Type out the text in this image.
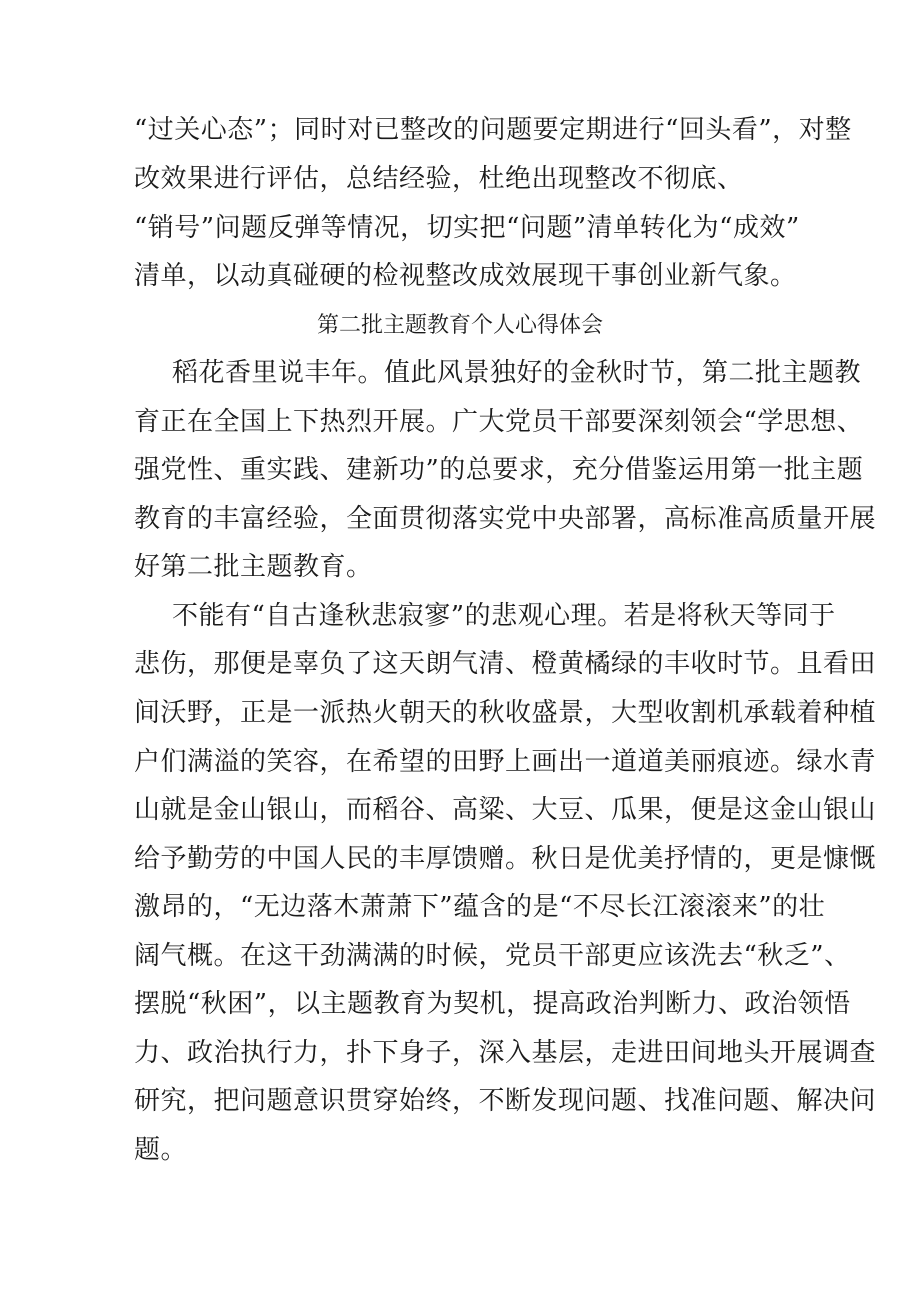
“过关心态”；同时对已整改的问题要定期进行“回头看”，对整
改效果进行评估，总结经验，杜绝出现整改不彻底、
“销号”问题反弹等情况，切实把“问题”清单转化为“成效”
清单，以动真碰硬的检视整改成效展现干事创业新气象。
第二批主题教育个人心得体会
稻花香里说丰年。值此风景独好的金秋时节，第二批主题教
育正在全国上下热烈开展。广大党员干部要深刻领会“学思想、
强党性、重实践、建新功”的总要求，充分借鉴运用第一批主题
教育的丰富经验，全面贯彻落实党中央部署，高标准高质量开展
好第二批主题教育。
不能有“自古逢秋悲寂寥”的悲观心理。若是将秋天等同于
悲伤，那便是辜负了这天朗气清、橙黄橘绿的丰收时节。且看田
间沃野，正是一派热火朝天的秋收盛景，大型收割机承载着种植
户们满溢的笑容，在希望的田野上画出一道道美丽痕迹。绿水青
山就是金山银山，而稻谷、高粱、大豆、瓜果，便是这金山银山
给予勤劳的中国人民的丰厚馈赠。秋日是优美抒情的，更是慷慨
激昂的，“无边落木萧萧下”蕴含的是“不尽长江滚滚来”的壮
阔气概。在这干劲满满的时候，党员干部更应该洗去“秋乏”、
摆脱“秋困”，以主题教育为契机，提高政治判断力、政治领悟
力、政治执行力，扑下身子，深入基层，走进田间地头开展调查
研究，把问题意识贯穿始终，不断发现问题、找准问题、解决问
题。
